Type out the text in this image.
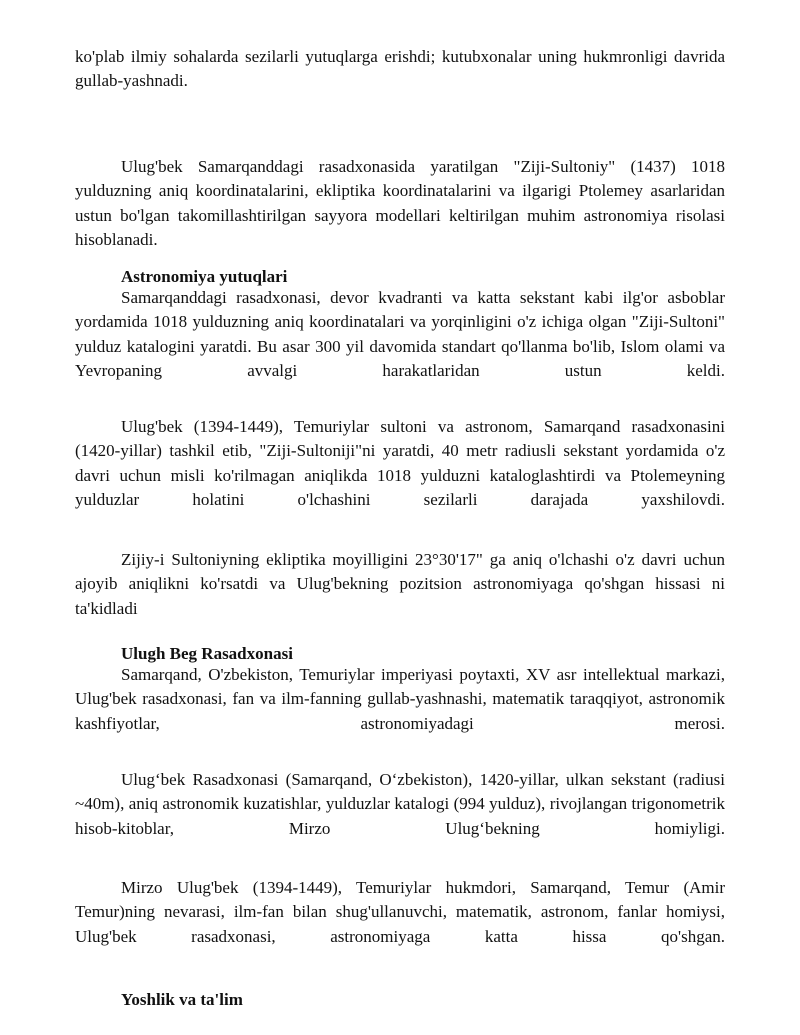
ko'plab ilmiy sohalarda sezilarli yutuqlarga erishdi; kutubxonalar uning hukmronligi davrida gullab-yashnadi.

Ulug'bek Samarqanddagi rasadxonasida yaratilgan "Ziji-Sultoniy" (1437) 1018 yulduzning aniq koordinatalarini, ekliptika koordinatalarini va ilgarigi Ptolemey asarlaridan ustun bo'lgan takomillashtirilgan sayyora modellari keltirilgan muhim astronomiya risolasi hisoblanadi.

Astronomiya yutuqlari

Samarqanddagi rasadxonasi, devor kvadranti va katta sekstant kabi ilg'or asboblar yordamida 1018 yulduzning aniq koordinatalari va yorqinligini o'z ichiga olgan "Ziji-Sultoni" yulduz katalogini yaratdi. Bu asar 300 yil davomida standart qo'llanma bo'lib, Islom olami va Yevropaning avvalgi harakatlaridan ustun keldi.

Ulug'bek (1394-1449), Temuriylar sultoni va astronom, Samarqand rasadxonasini (1420-yillar) tashkil etib, "Ziji-Sultoniji"ni yaratdi, 40 metr radiusli sekstant yordamida o'z davri uchun misli ko'rilmagan aniqlikda 1018 yulduzni kataloglashtirdi va Ptolemeyning yulduzlar holatini o'lchashini sezilarli darajada yaxshilovdi.

Zijiy-i Sultoniyning ekliptika moyilligini 23°30'17" ga aniq o'lchashi o'z davri uchun ajoyib aniqlikni ko'rsatdi va Ulug'bekning pozitsion astronomiyaga qo'shgan hissasi ni ta'kidladi

Ulugh Beg Rasadxonasi

Samarqand, O'zbekiston, Temuriylar imperiyasi poytaxti, XV asr intellektual markazi, Ulug'bek rasadxonasi, fan va ilm-fanning gullab-yashnashi, matematik taraqqiyot, astronomik kashfiyotlar, astronomiyadagi merosi.

Ulug‘bek Rasadxonasi (Samarqand, O‘zbekiston), 1420-yillar, ulkan sekstant (radiusi ~40m), aniq astronomik kuzatishlar, yulduzlar katalogi (994 yulduz), rivojlangan trigonometrik hisob-kitoblar, Mirzo Ulug‘bekning homiyligi.

Mirzo Ulug'bek (1394-1449), Temuriylar hukmdori, Samarqand, Temur (Amir Temur)ning nevarasi, ilm-fan bilan shug'ullanuvchi, matematik, astronom, fanlar homiysi, Ulug'bek rasadxonasi, astronomiyaga katta hissa qo'shgan.

Yoshlik va ta'lim
